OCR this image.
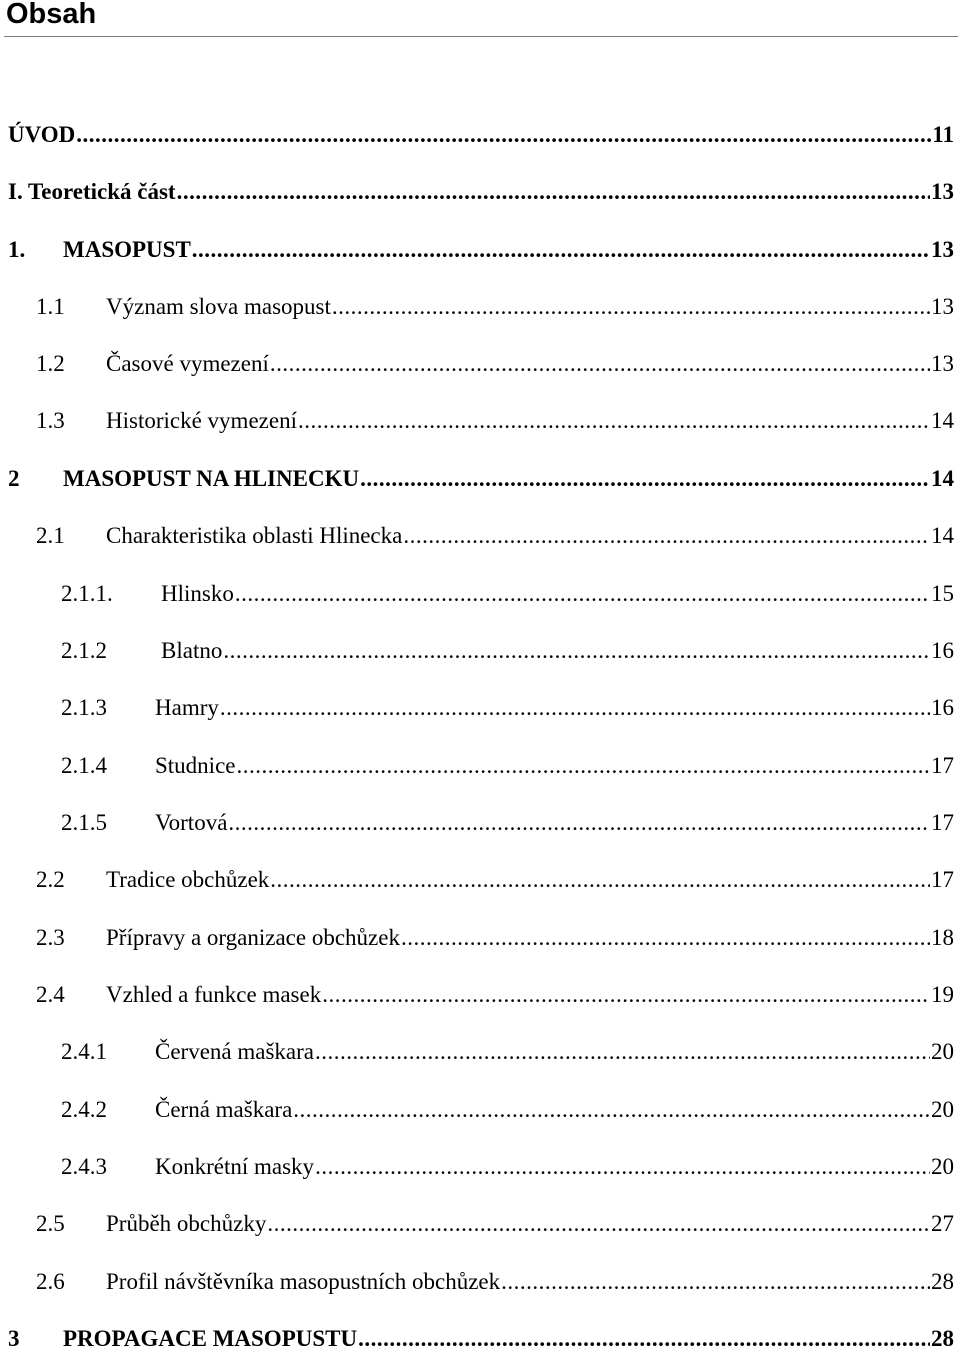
Obsah
ÚVOD .....	11
I. Teoretická část .....	13
1.	MASOPUST .....	13
1.1	Význam slova masopust .....	13
1.2	Časové vymezení .....	13
1.3	Historické vymezení .....	14
2	MASOPUST NA HLINECKU .....	14
2.1	Charakteristika oblasti Hlinecka .....	14
2.1.1.	Hlinsko .....	15
2.1.2	Blatno .....	16
2.1.3	Hamry .....	16
2.1.4	Studnice .....	17
2.1.5	Vortová .....	17
2.2	Tradice obchůzek .....	17
2.3	Přípravy a organizace obchůzek .....	18
2.4	Vzhled a funkce masek .....	19
2.4.1	Červená maškara .....	20
2.4.2	Černá maškara .....	20
2.4.3	Konkrétní masky .....	20
2.5	Průběh obchůzky .....	27
2.6	Profil návštěvníka masopustních obchůzek .....	28
3	PROPAGACE MASOPUSTU .....	28
